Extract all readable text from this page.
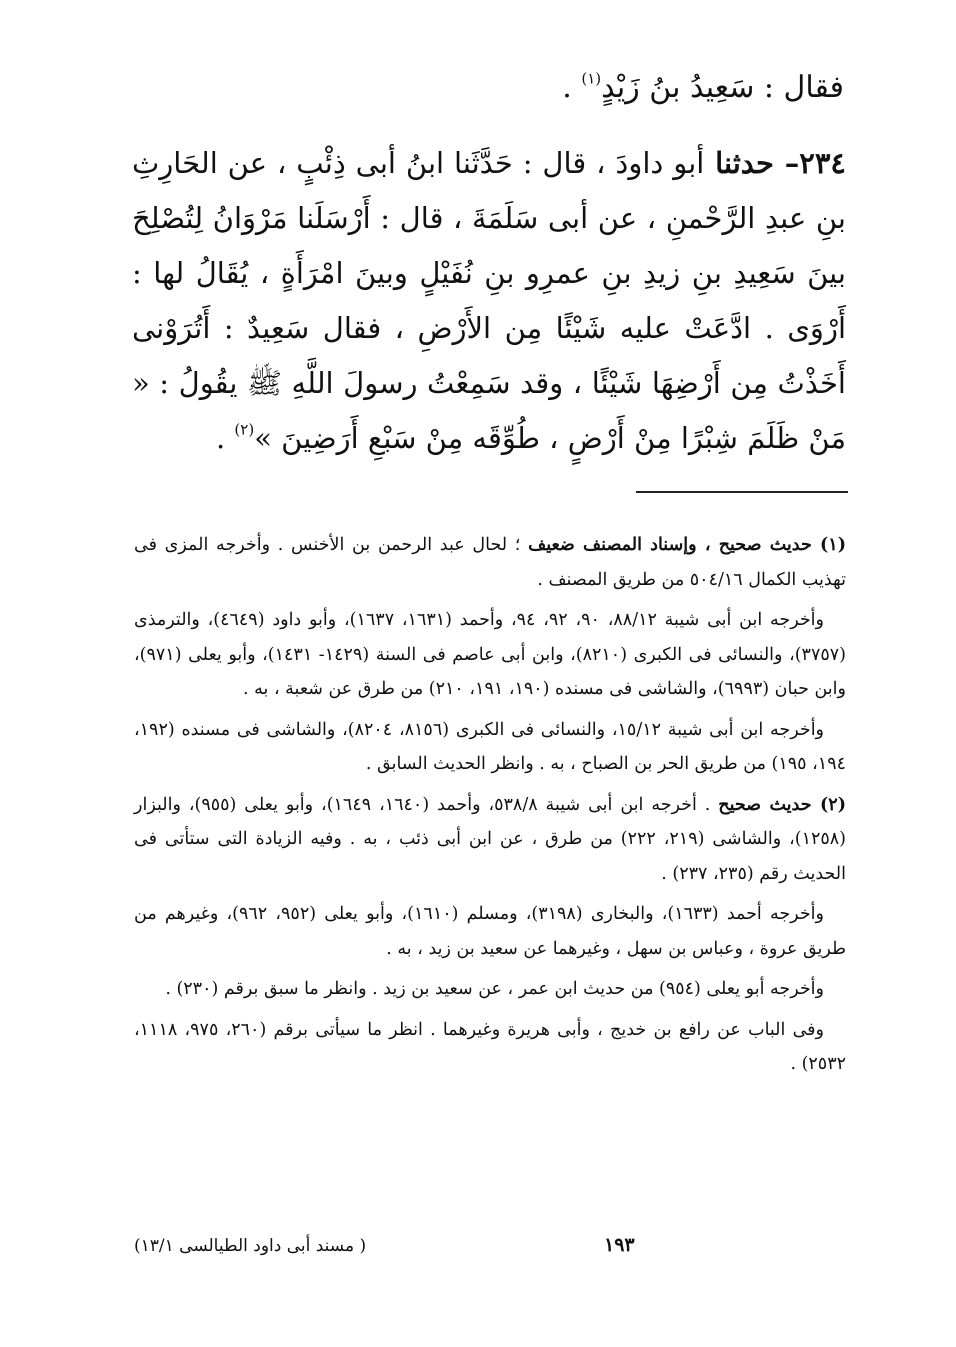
فقال : سَعِيدُ بنُ زَيْدٍ$^{(١)}$ .
٢٣٤– حدثنا أبو داودَ ، قال : حَدَّثَنا ابنُ أبى ذِئْبٍ ، عن الحَارِثِ بنِ عبدِ الرَّحْمنِ ، عن أبى سَلَمَةَ ، قال : أَرْسَلَنا مَرْوَانُ لِتُصْلِحَ بينَ سَعِيدِ بنِ زيدِ بنِ عمرِو بنِ نُفَيْلٍ وبينَ امْرَأَةٍ ، يُقَالُ لها : أَرْوَى . ادَّعَتْ عليه شَيْئًا مِن الأَرْضِ ، فقال سَعِيدٌ : أَتُرَوْنى أَخَذْتُ مِن أَرْضِهَا شَيْئًا ، وقد سَمِعْتُ رسولَ اللَّهِ ﷺ يقُولُ : « مَنْ ظَلَمَ شِبْرًا مِنْ أَرْضٍ ، طُوِّقَه مِنْ سَبْعِ أَرَضِينَ »$^{(٢)}$ .

(١) حديث صحيح ، وإسناد المصنف ضعيف ؛ لحال عبد الرحمن بن الأخنس . وأخرجه المزى فى تهذيب الكمال ٥٠٤/١٦ من طريق المصنف .

وأخرجه ابن أبى شيبة ٨٨/١٢، ٩٠، ٩٢، ٩٤، وأحمد (١٦٣١، ١٦٣٧)، وأبو داود (٤٦٤٩)، والترمذى (٣٧٥٧)، والنسائى فى الكبرى (٨٢١٠)، وابن أبى عاصم فى السنة (١٤٢٩- ١٤٣١)، وأبو يعلى (٩٧١)، وابن حبان (٦٩٩٣)، والشاشى فى مسنده (١٩٠، ١٩١، ٢١٠) من طرق عن شعبة ، به .

وأخرجه ابن أبى شيبة ١٥/١٢، والنسائى فى الكبرى (٨١٥٦، ٨٢٠٤)، والشاشى فى مسنده (١٩٢، ١٩٤، ١٩٥) من طريق الحر بن الصباح ، به . وانظر الحديث السابق .

(٢) حديث صحيح . أخرجه ابن أبى شيبة ٥٣٨/٨، وأحمد (١٦٤٠، ١٦٤٩)، وأبو يعلى (٩٥٥)، والبزار (١٢٥٨)، والشاشى (٢١٩، ٢٢٢) من طرق ، عن ابن أبى ذئب ، به . وفيه الزيادة التى ستأتى فى الحديث رقم (٢٣٥، ٢٣٧) .

وأخرجه أحمد (١٦٣٣)، والبخارى (٣١٩٨)، ومسلم (١٦١٠)، وأبو يعلى (٩٥٢، ٩٦٢)، وغيرهم من طريق عروة ، وعباس بن سهل ، وغيرهما عن سعيد بن زيد ، به .

وأخرجه أبو يعلى (٩٥٤) من حديث ابن عمر ، عن سعيد بن زيد . وانظر ما سبق برقم (٢٣٠) .

وفى الباب عن رافع بن خديج ، وأبى هريرة وغيرهما . انظر ما سيأتى برقم (٢٦٠، ٩٧٥، ١١١٨، ٢٥٣٢) .

( مسند أبى داود الطيالسى ١٣/١)	١٩٣
